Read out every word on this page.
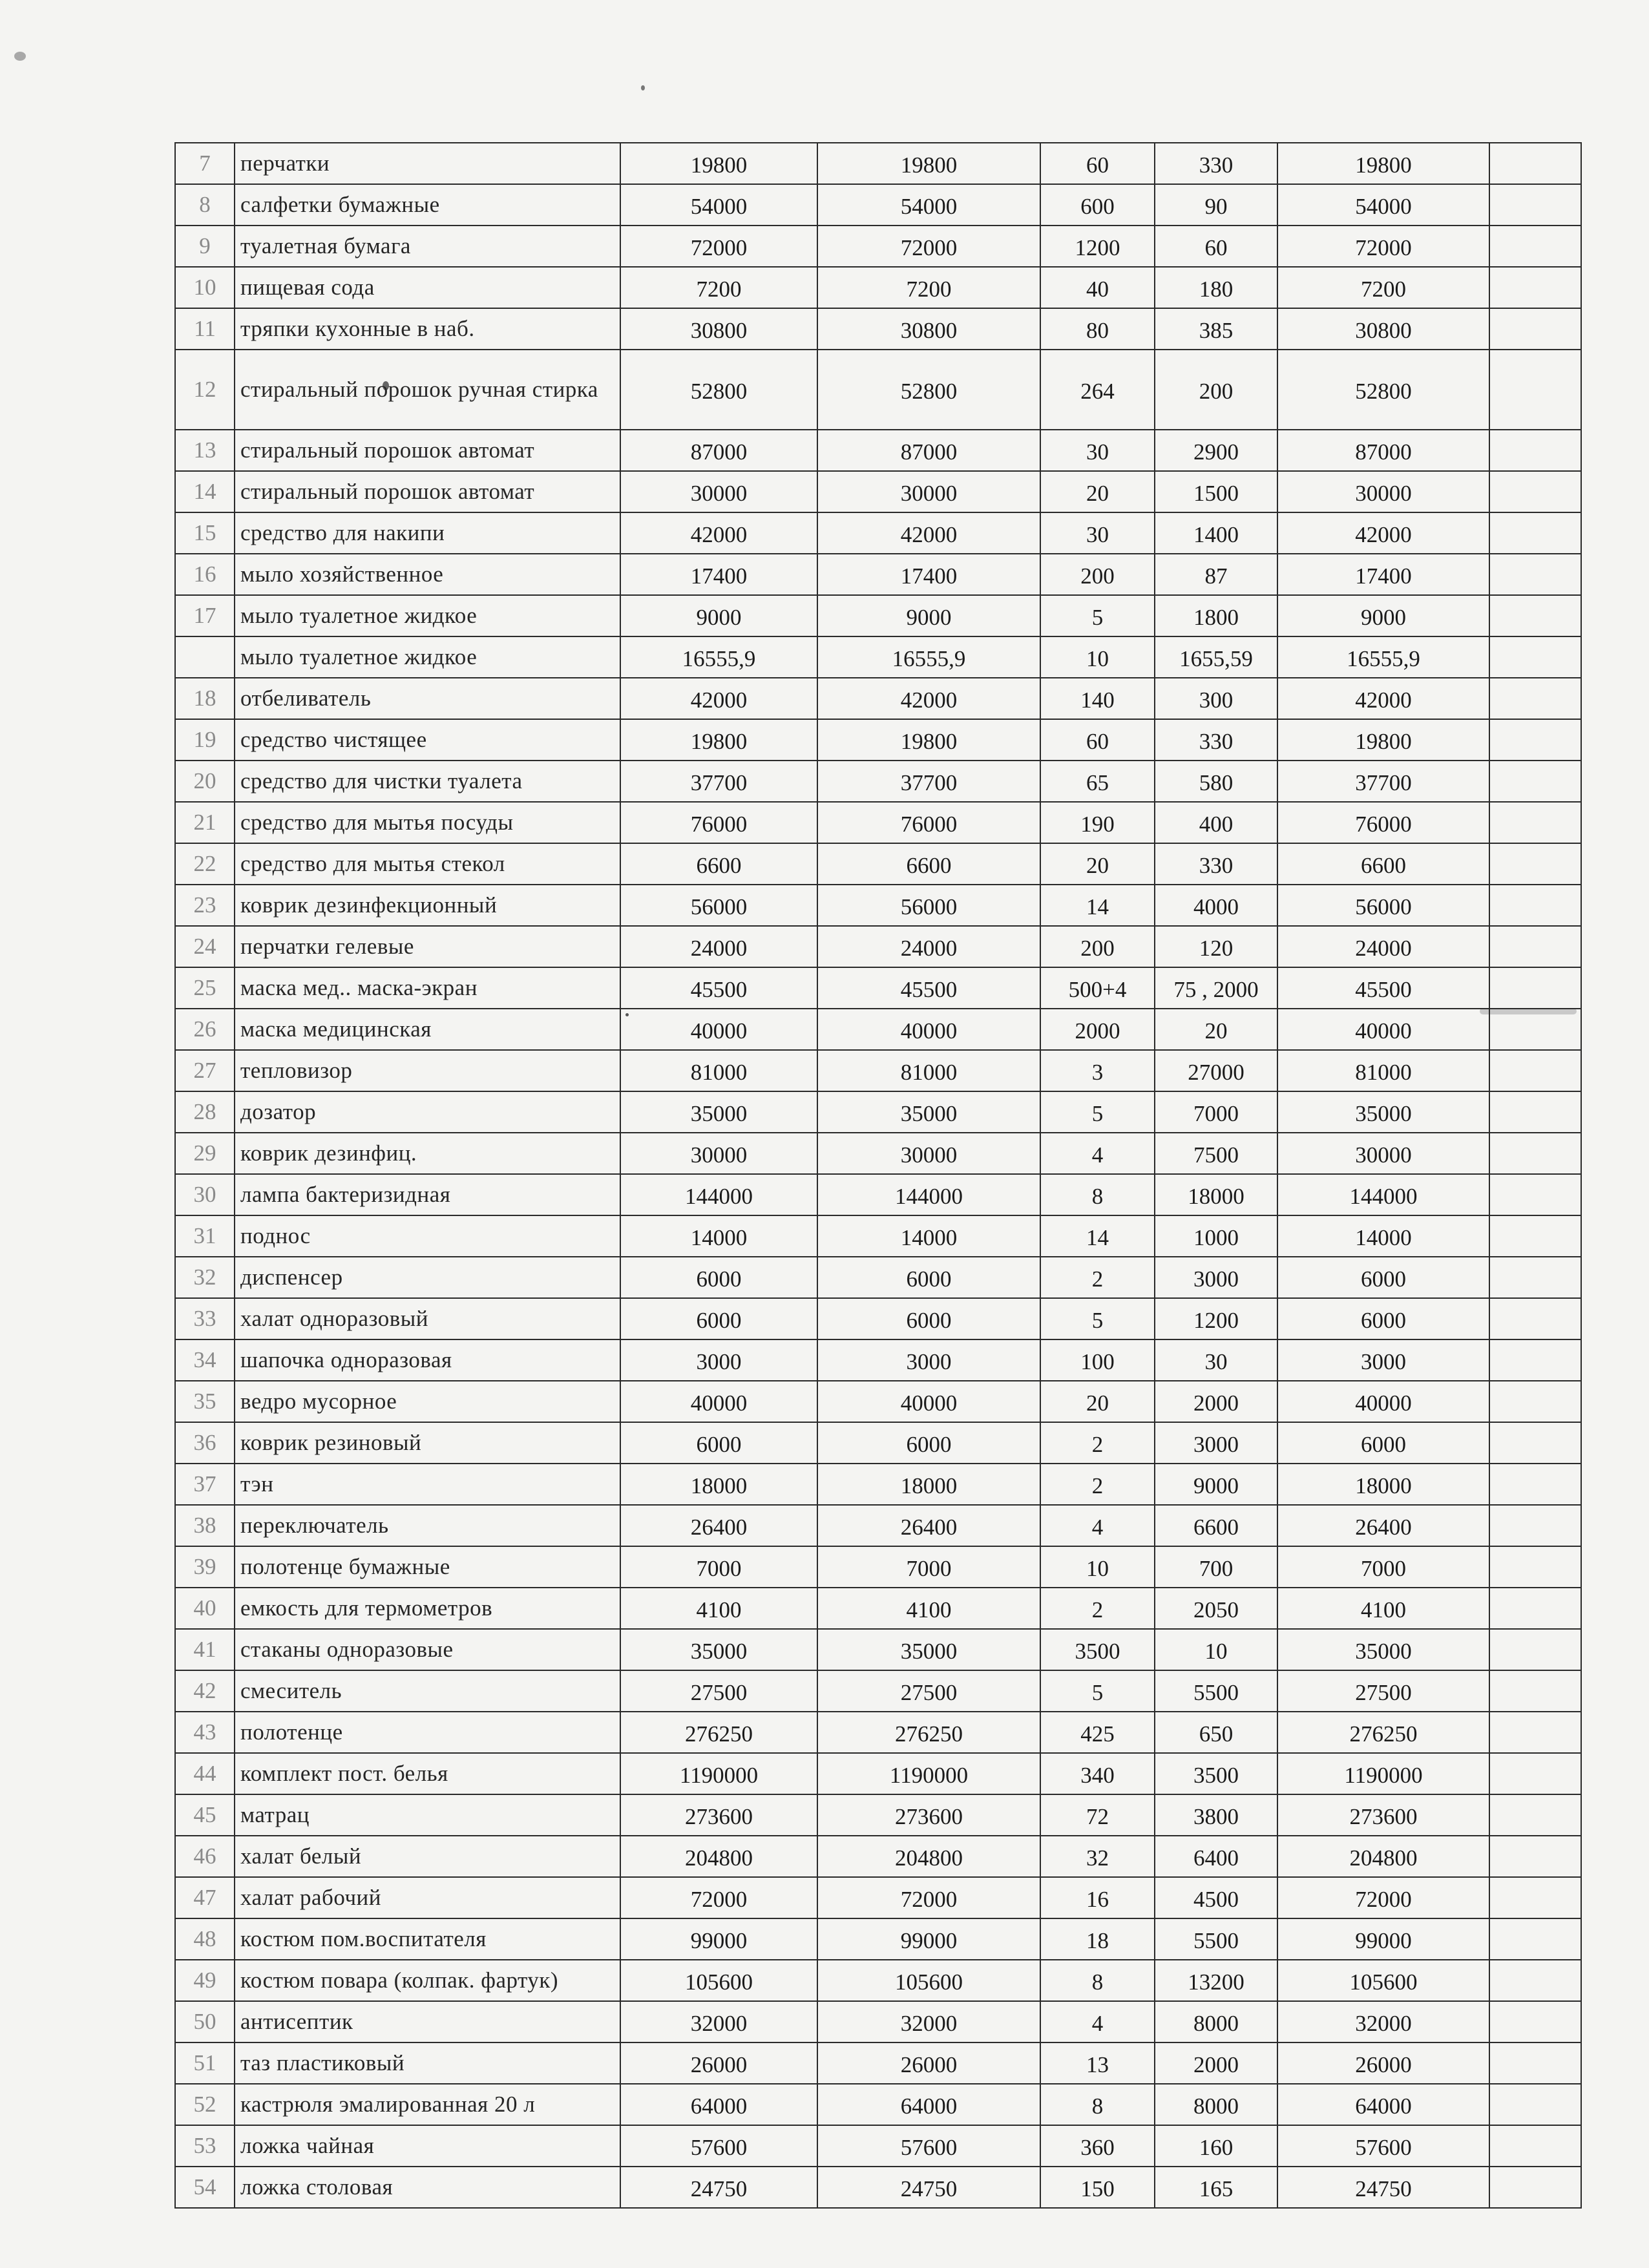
7	перчатки	19800	19800	60	330	19800	
8	салфетки бумажные	54000	54000	600	90	54000	
9	туалетная бумага	72000	72000	1200	60	72000	
10	пищевая сода	7200	7200	40	180	7200	
11	тряпки кухонные в наб.	30800	30800	80	385	30800	
12	стиральный порошок ручная стирка	52800	52800	264	200	52800	
13	стиральный порошок автомат	87000	87000	30	2900	87000	
14	стиральный порошок автомат	30000	30000	20	1500	30000	
15	средство для накипи	42000	42000	30	1400	42000	
16	мыло хозяйственное	17400	17400	200	87	17400	
17	мыло туалетное жидкое	9000	9000	5	1800	9000	
	мыло туалетное жидкое	16555,9	16555,9	10	1655,59	16555,9	
18	отбеливатель	42000	42000	140	300	42000	
19	средство чистящее	19800	19800	60	330	19800	
20	средство для чистки туалета	37700	37700	65	580	37700	
21	средство для мытья посуды	76000	76000	190	400	76000	
22	средство для мытья стекол	6600	6600	20	330	6600	
23	коврик дезинфекционный	56000	56000	14	4000	56000	
24	перчатки гелевые	24000	24000	200	120	24000	
25	маска мед.. маска-экран	45500	45500	500+4	75 , 2000	45500	
26	маска медицинская	40000	40000	2000	20	40000	
27	тепловизор	81000	81000	3	27000	81000	
28	дозатор	35000	35000	5	7000	35000	
29	коврик дезинфиц.	30000	30000	4	7500	30000	
30	лампа бактеризидная	144000	144000	8	18000	144000	
31	поднос	14000	14000	14	1000	14000	
32	диспенсер	6000	6000	2	3000	6000	
33	халат одноразовый	6000	6000	5	1200	6000	
34	шапочка одноразовая	3000	3000	100	30	3000	
35	ведро мусорное	40000	40000	20	2000	40000	
36	коврик резиновый	6000	6000	2	3000	6000	
37	тэн	18000	18000	2	9000	18000	
38	переключатель	26400	26400	4	6600	26400	
39	полотенце бумажные	7000	7000	10	700	7000	
40	емкость для термометров	4100	4100	2	2050	4100	
41	стаканы одноразовые	35000	35000	3500	10	35000	
42	смеситель	27500	27500	5	5500	27500	
43	полотенце	276250	276250	425	650	276250	
44	комплект пост. белья	1190000	1190000	340	3500	1190000	
45	матрац	273600	273600	72	3800	273600	
46	халат белый	204800	204800	32	6400	204800	
47	халат рабочий	72000	72000	16	4500	72000	
48	костюм пом.воспитателя	99000	99000	18	5500	99000	
49	костюм повара (колпак. фартук)	105600	105600	8	13200	105600	
50	антисептик	32000	32000	4	8000	32000	
51	таз пластиковый	26000	26000	13	2000	26000	
52	кастрюля эмалированная 20 л	64000	64000	8	8000	64000	
53	ложка чайная	57600	57600	360	160	57600	
54	ложка столовая	24750	24750	150	165	24750	
